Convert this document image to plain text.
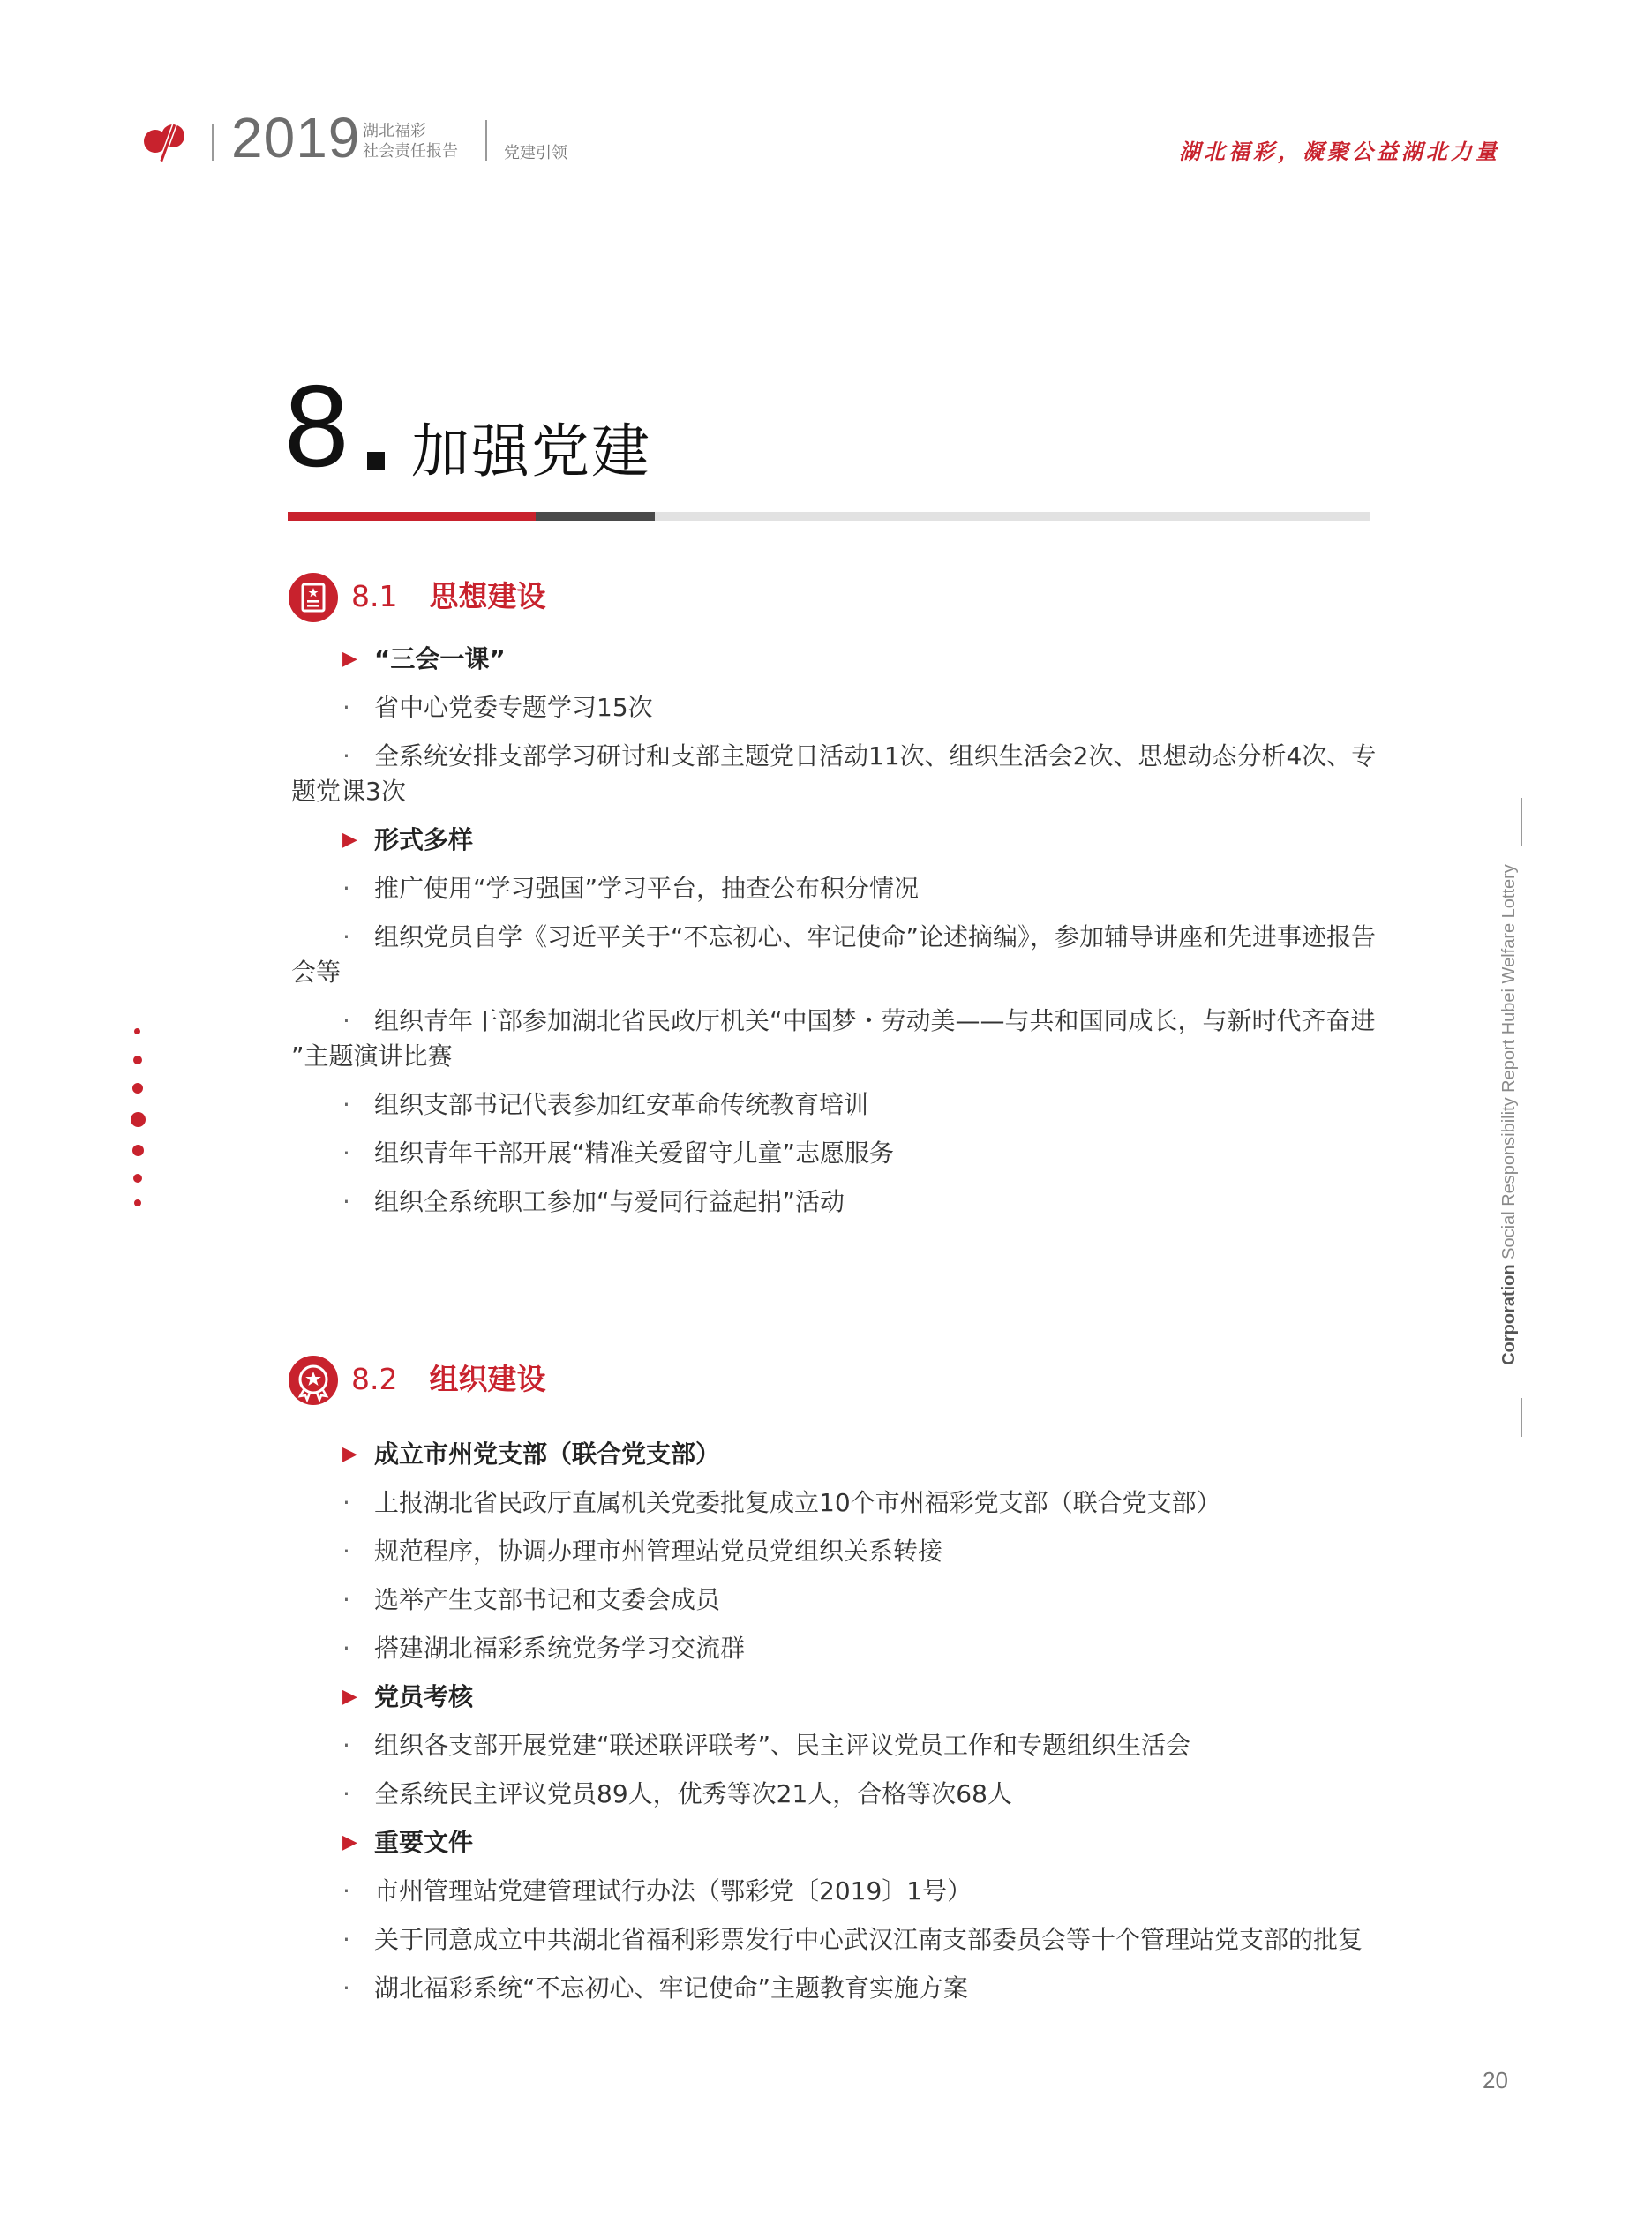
2019 湖北福彩
社会责任报告	党建引领	湖北福彩，凝聚公益湖北力量
8 加强党建
8.1 思想建设
▶ “三会一课”
· 省中心党委专题学习15次
· 全系统安排支部学习研讨和支部主题党日活动11次、组织生活会2次、思想动态分析4次、专题党课3次
▶ 形式多样
· 推广使用“学习强国”学习平台，抽查公布积分情况
· 组织党员自学《习近平关于“不忘初心、牢记使命”论述摘编》，参加辅导讲座和先进事迹报告会等
· 组织青年干部参加湖北省民政厅机关“中国梦・劳动美——与共和国同成长，与新时代齐奋进 ”主题演讲比赛
· 组织支部书记代表参加红安革命传统教育培训
· 组织青年干部开展“精准关爱留守儿童”志愿服务
· 组织全系统职工参加“与爱同行益起捐”活动
8.2 组织建设
▶ 成立市州党支部（联合党支部）
· 上报湖北省民政厅直属机关党委批复成立10个市州福彩党支部（联合党支部）
· 规范程序，协调办理市州管理站党员党组织关系转接
· 选举产生支部书记和支委会成员
· 搭建湖北福彩系统党务学习交流群
▶ 党员考核
· 组织各支部开展党建“联述联评联考”、民主评议党员工作和专题组织生活会
· 全系统民主评议党员89人，优秀等次21人，合格等次68人
▶ 重要文件
· 市州管理站党建管理试行办法（鄂彩党〔2019〕1号）
· 关于同意成立中共湖北省福利彩票发行中心武汉江南支部委员会等十个管理站党支部的批复
· 湖北福彩系统“不忘初心、牢记使命”主题教育实施方案
Corporation Social Responsibility Report Hubei Welfare Lottery
20
